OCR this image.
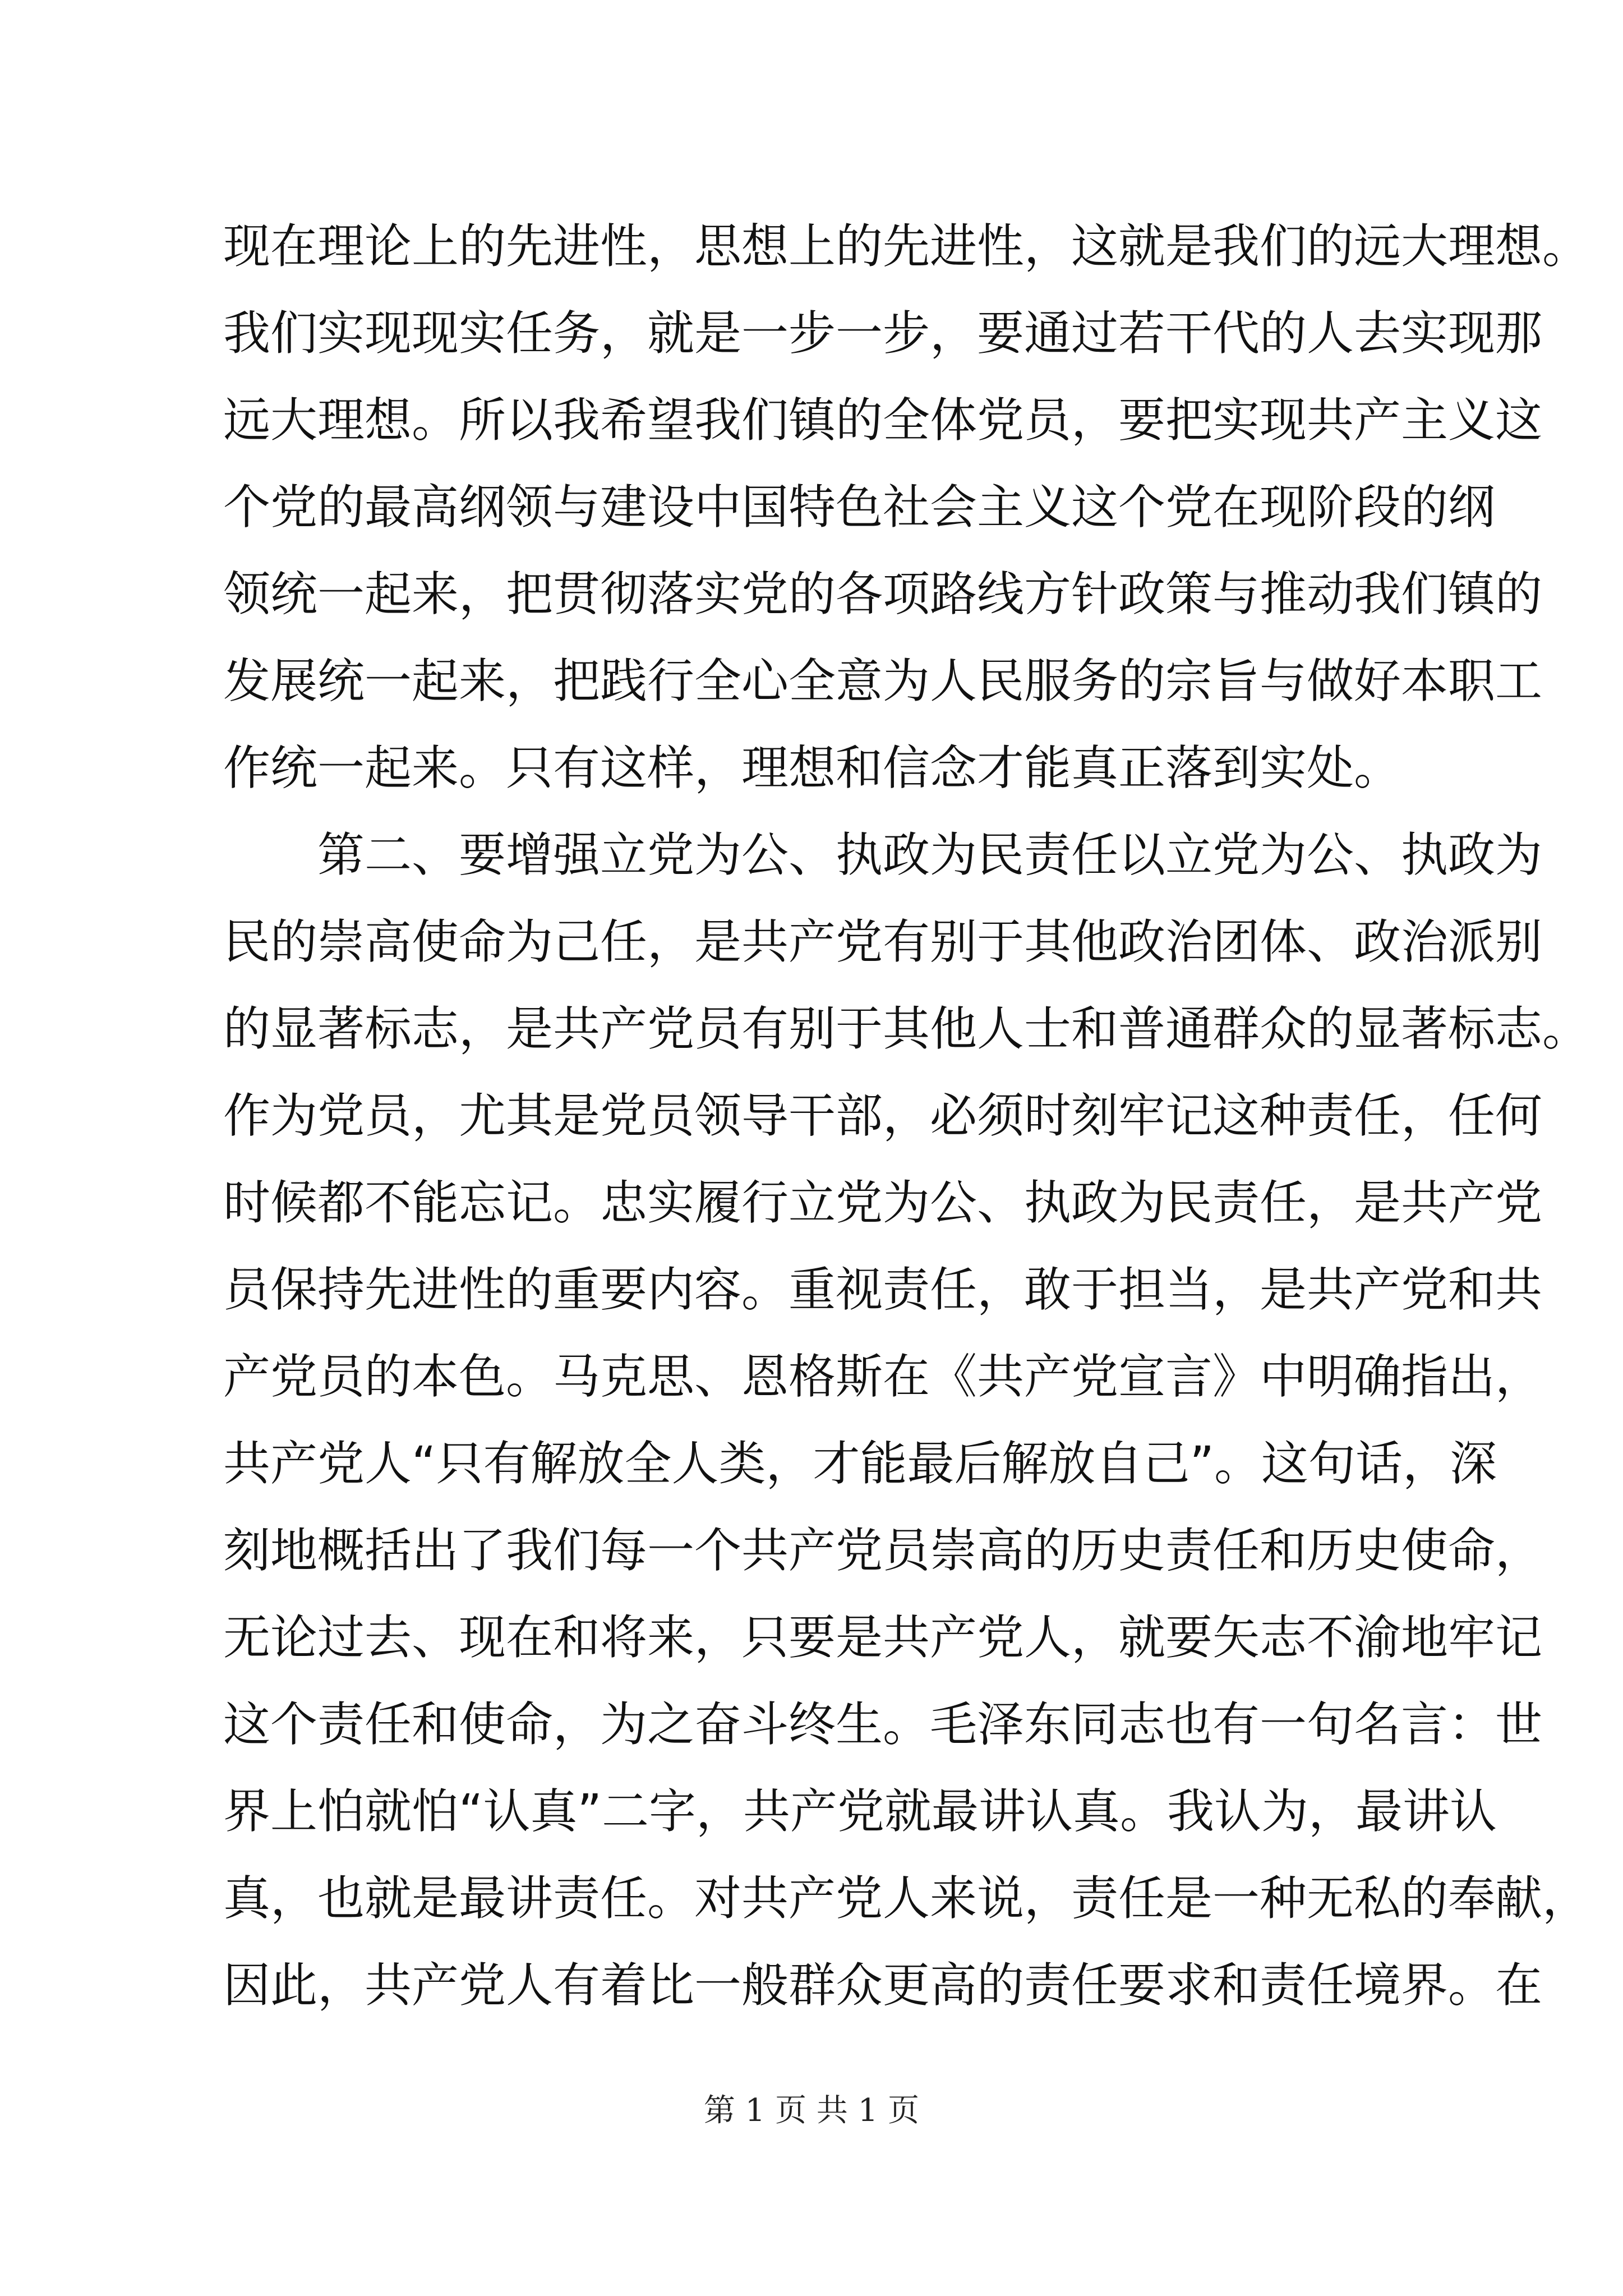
现在理论上的先进性，思想上的先进性，这就是我们的远大理想。
我们实现现实任务，就是一步一步，要通过若干代的人去实现那
远大理想。所以我希望我们镇的全体党员，要把实现共产主义这
个党的最高纲领与建设中国特色社会主义这个党在现阶段的纲
领统一起来，把贯彻落实党的各项路线方针政策与推动我们镇的
发展统一起来，把践行全心全意为人民服务的宗旨与做好本职工
作统一起来。只有这样，理想和信念才能真正落到实处。
第二、要增强立党为公、执政为民责任以立党为公、执政为
民的崇高使命为己任，是共产党有别于其他政治团体、政治派别
的显著标志，是共产党员有别于其他人士和普通群众的显著标志。
作为党员，尤其是党员领导干部，必须时刻牢记这种责任，任何
时候都不能忘记。忠实履行立党为公、执政为民责任，是共产党
员保持先进性的重要内容。重视责任，敢于担当，是共产党和共
产党员的本色。马克思、恩格斯在《共产党宣言》中明确指出，
共产党人“只有解放全人类，才能最后解放自己”。这句话，深
刻地概括出了我们每一个共产党员崇高的历史责任和历史使命，
无论过去、现在和将来，只要是共产党人，就要矢志不渝地牢记
这个责任和使命，为之奋斗终生。毛泽东同志也有一句名言：世
界上怕就怕“认真”二字，共产党就最讲认真。我认为，最讲认
真，也就是最讲责任。对共产党人来说，责任是一种无私的奉献，
因此，共产党人有着比一般群众更高的责任要求和责任境界。在
第 1 页 共 1 页
